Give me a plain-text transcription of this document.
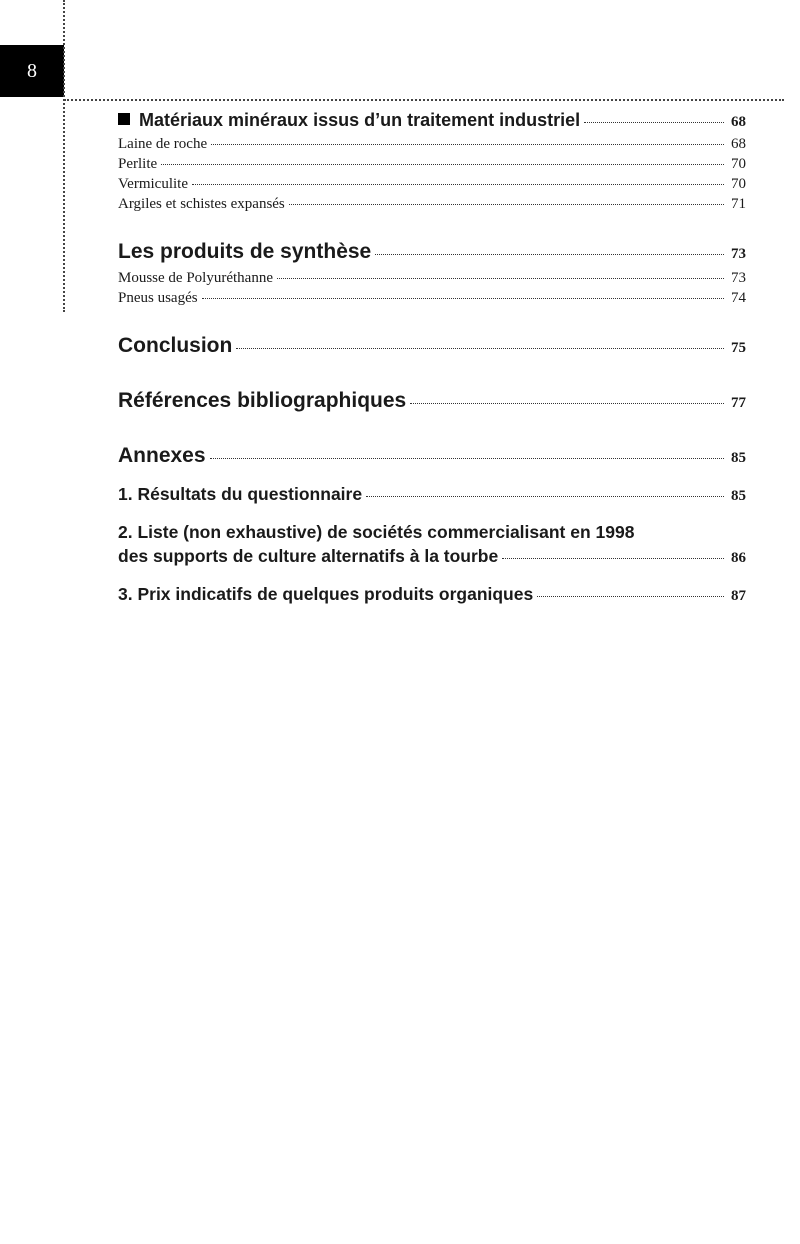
8
Matériaux minéraux issus d’un traitement industriel	68
Laine de roche	68
Perlite	70
Vermiculite	70
Argiles et schistes expansés	71
Les produits de synthèse	73
Mousse de Polyuréthanne	73
Pneus usagés	74
Conclusion	75
Références bibliographiques	77
Annexes	85
1. Résultats du questionnaire	85
2. Liste (non exhaustive) de sociétés commercialisant en 1998
des supports de culture alternatifs à la tourbe	86
3. Prix indicatifs de quelques produits organiques	87
